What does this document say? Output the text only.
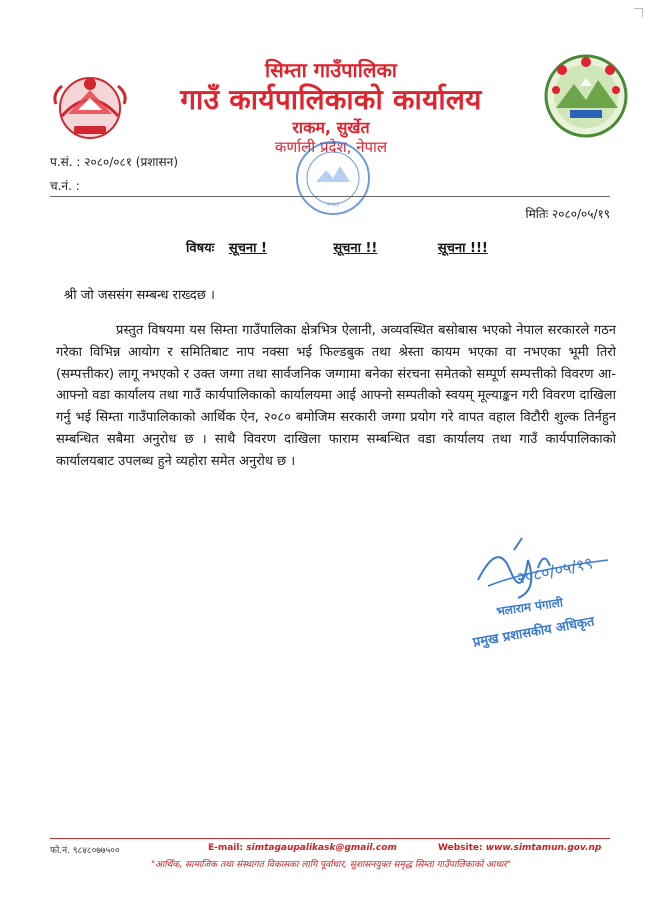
सिम्ता गाउँपालिका
गाउँ कार्यपालिकाको कार्यालय
राकम, सुर्खेत
कर्णाली प्रदेश, नेपाल
२०७३
प.सं. : २०८०/०८१ (प्रशासन)
च.नं. :
मितिः २०८०/०५/१९
विषयः सूचना !	सूचना !!	सूचना !!!
श्री जो जससंग सम्बन्ध राख्दछ ।
प्रस्तुत विषयमा यस सिम्ता गाउँपालिका क्षेत्रभित्र ऐलानी, अव्यवस्थित बसोबास भएको नेपाल सरकारले गठन गरेका विभिन्न आयोग र समितिबाट नाप नक्सा भई फिल्डबुक तथा श्रेस्ता कायम भएका वा नभएका भूमी तिरो (सम्पत्तीकर) लागू नभएको र उक्त जग्गा तथा सार्वजनिक जग्गामा बनेका संरचना समेतको सम्पूर्ण सम्पत्तीको विवरण आ-आफ्नो वडा कार्यालय तथा गाउँ कार्यपालिकाको कार्यालयमा आई आफ्नो सम्पतीको स्वयम् मूल्याङ्कन गरी विवरण दाखिला गर्नु भई सिम्ता गाउँपालिकाको आर्थिक ऐन, २०८० बमोजिम सरकारी जग्गा प्रयोग गरे वापत वहाल विटौरी शुल्क तिर्नहुन सम्बन्धित सबैमा अनुरोध छ । साथै विवरण दाखिला फाराम सम्बन्धित वडा कार्यालय तथा गाउँ कार्यपालिकाको कार्यालयबाट उपलब्ध हुने व्यहोरा समेत अनुरोध छ ।
२०८०/०५/१९
भलाराम पंगाली
प्रमुख प्रशासकीय अधिकृत
फो.नं. ९८४८०७७५००	E-mail: simtagaupalikask@gmail.com	Website: www.simtamun.gov.np
"आर्थिक, सामाजिक तथा संस्थागत विकासका लागि पूर्वाधार, सुशासनयुक्त समृद्ध सिम्ता गाउँपालिकाको आधार"
